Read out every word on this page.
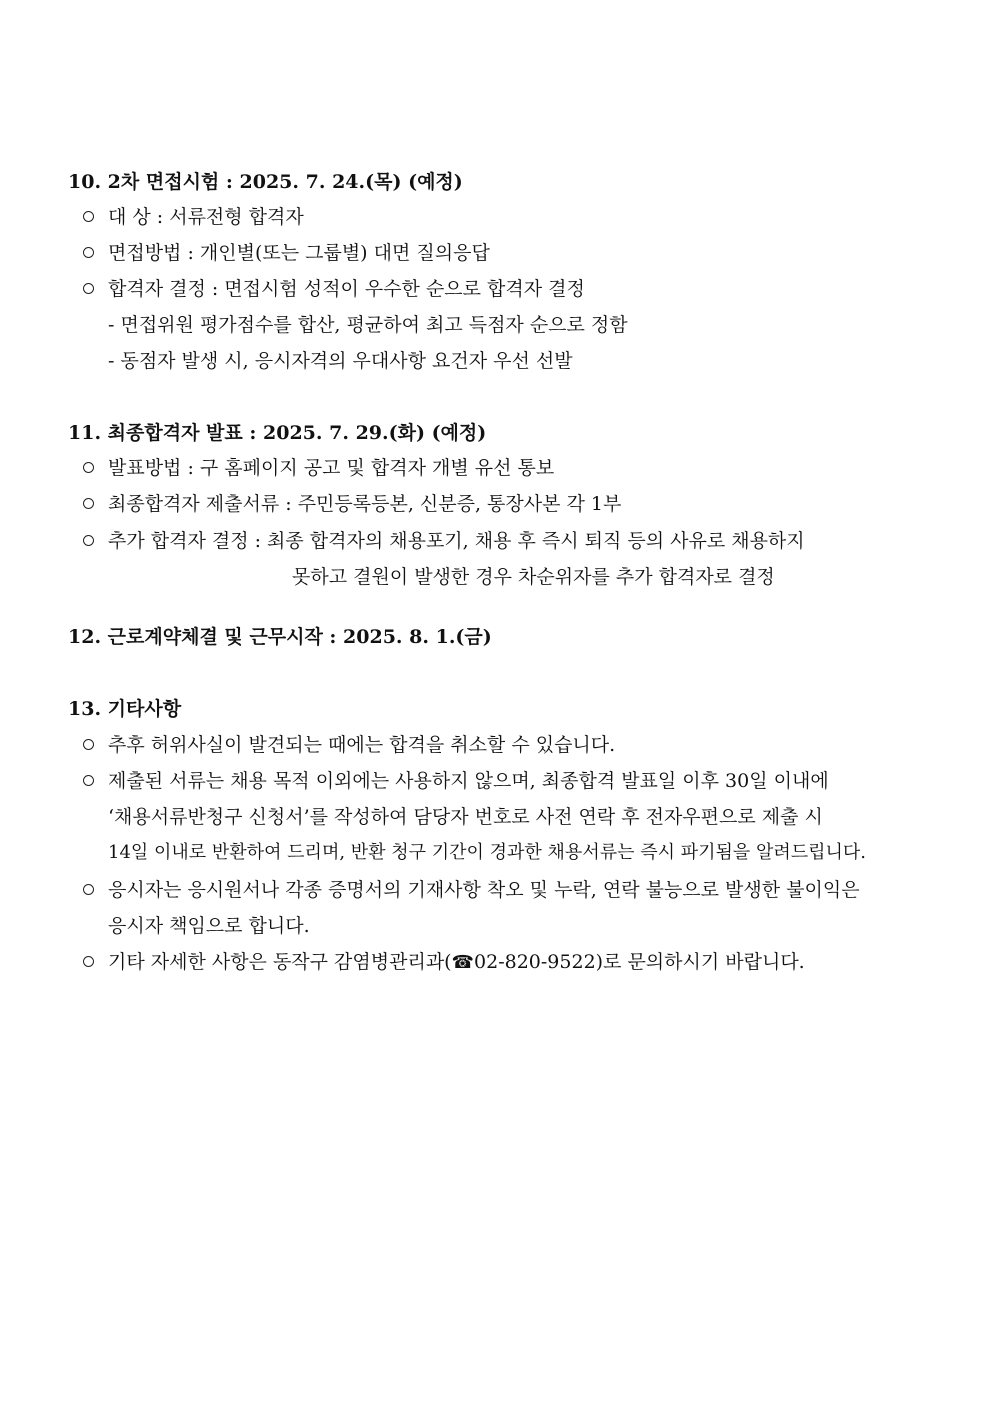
10. 2차 면접시험 : 2025. 7. 24.(목) (예정)
대 상 : 서류전형 합격자
면접방법 : 개인별(또는 그룹별) 대면 질의응답
합격자 결정 : 면접시험 성적이 우수한 순으로 합격자 결정
- 면접위원 평가점수를 합산, 평균하여 최고 득점자 순으로 정함
- 동점자 발생 시, 응시자격의 우대사항 요건자 우선 선발
11. 최종합격자 발표 : 2025. 7. 29.(화) (예정)
발표방법 : 구 홈페이지 공고 및 합격자 개별 유선 통보
최종합격자 제출서류 : 주민등록등본, 신분증, 통장사본 각 1부
추가 합격자 결정 : 최종 합격자의 채용포기, 채용 후 즉시 퇴직 등의 사유로 채용하지
못하고 결원이 발생한 경우 차순위자를 추가 합격자로 결정
12. 근로계약체결 및 근무시작 : 2025. 8. 1.(금)
13. 기타사항
추후 허위사실이 발견되는 때에는 합격을 취소할 수 있습니다.
제출된 서류는 채용 목적 이외에는 사용하지 않으며, 최종합격 발표일 이후 30일 이내에
‘채용서류반청구 신청서’를 작성하여 담당자 번호로 사전 연락 후 전자우편으로 제출 시
14일 이내로 반환하여 드리며, 반환 청구 기간이 경과한 채용서류는 즉시 파기됨을 알려드립니다.
응시자는 응시원서나 각종 증명서의 기재사항 착오 및 누락, 연락 불능으로 발생한 불이익은
응시자 책임으로 합니다.
기타 자세한 사항은 동작구 감염병관리과(☎02-820-9522)로 문의하시기 바랍니다.
